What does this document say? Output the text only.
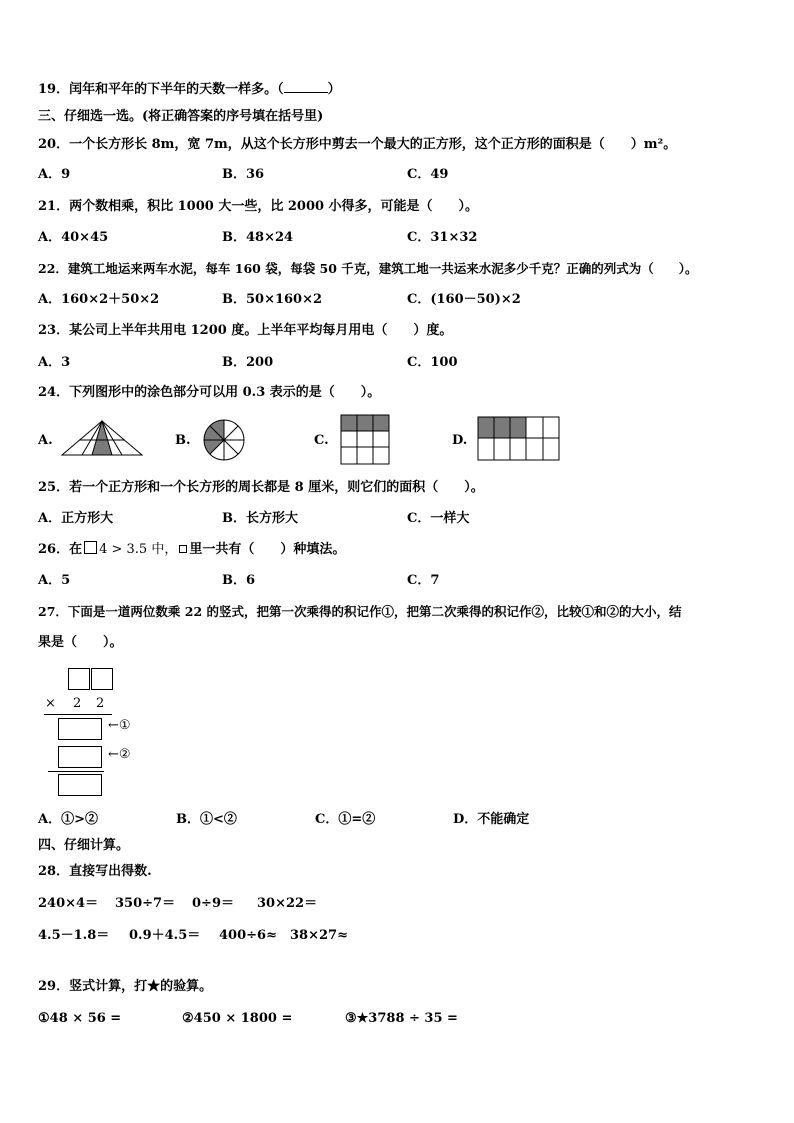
19．闰年和平年的下半年的天数一样多。（	）
三、仔细选一选。(将正确答案的序号填在括号里)
20．一个长方形长 8m，宽 7m，从这个长方形中剪去一个最大的正方形，这个正方形的面积是（　　）m²。
A．9	B．36	C．49
21．两个数相乘，积比 1000 大一些，比 2000 小得多，可能是（　　）。
A．40×45	B．48×24	C．31×32
22．建筑工地运来两车水泥，每车 160 袋，每袋 50 千克，建筑工地一共运来水泥多少千克？正确的列式为（　　）。
A．160×2＋50×2	B．50×160×2	C．(160－50)×2
23．某公司上半年共用电 1200 度。上半年平均每月用电（　　）度。
A．3	B．200	C．100
24．下列图形中的涂色部分可以用 0.3 表示的是（　　）。
A.	B.	C.	D.
25．若一个正方形和一个长方形的周长都是 8 厘米，则它们的面积（　　）。
A．正方形大	B．长方形大	C．一样大
26．在 4 > 3.5 中， 里一共有（　　）种填法。
A．5	B．6	C．7
27．下面是一道两位数乘 22 的竖式，把第一次乘得的积记作①，把第二次乘得的积记作②，比较①和②的大小，结
果是（　　）。
× 2 2
←①
←②
A．①>②	B．①<②	C．①=②	D．不能确定
四、仔细计算。
28．直接写出得数.
240×4＝ 350÷7＝ 0÷9＝ 30×22＝
4.5－1.8＝ 0.9＋4.5＝ 400÷6≈ 38×27≈
29．竖式计算，打★的验算。
①48 × 56 =	②450 × 1800 =	③★3788 ÷ 35 =
